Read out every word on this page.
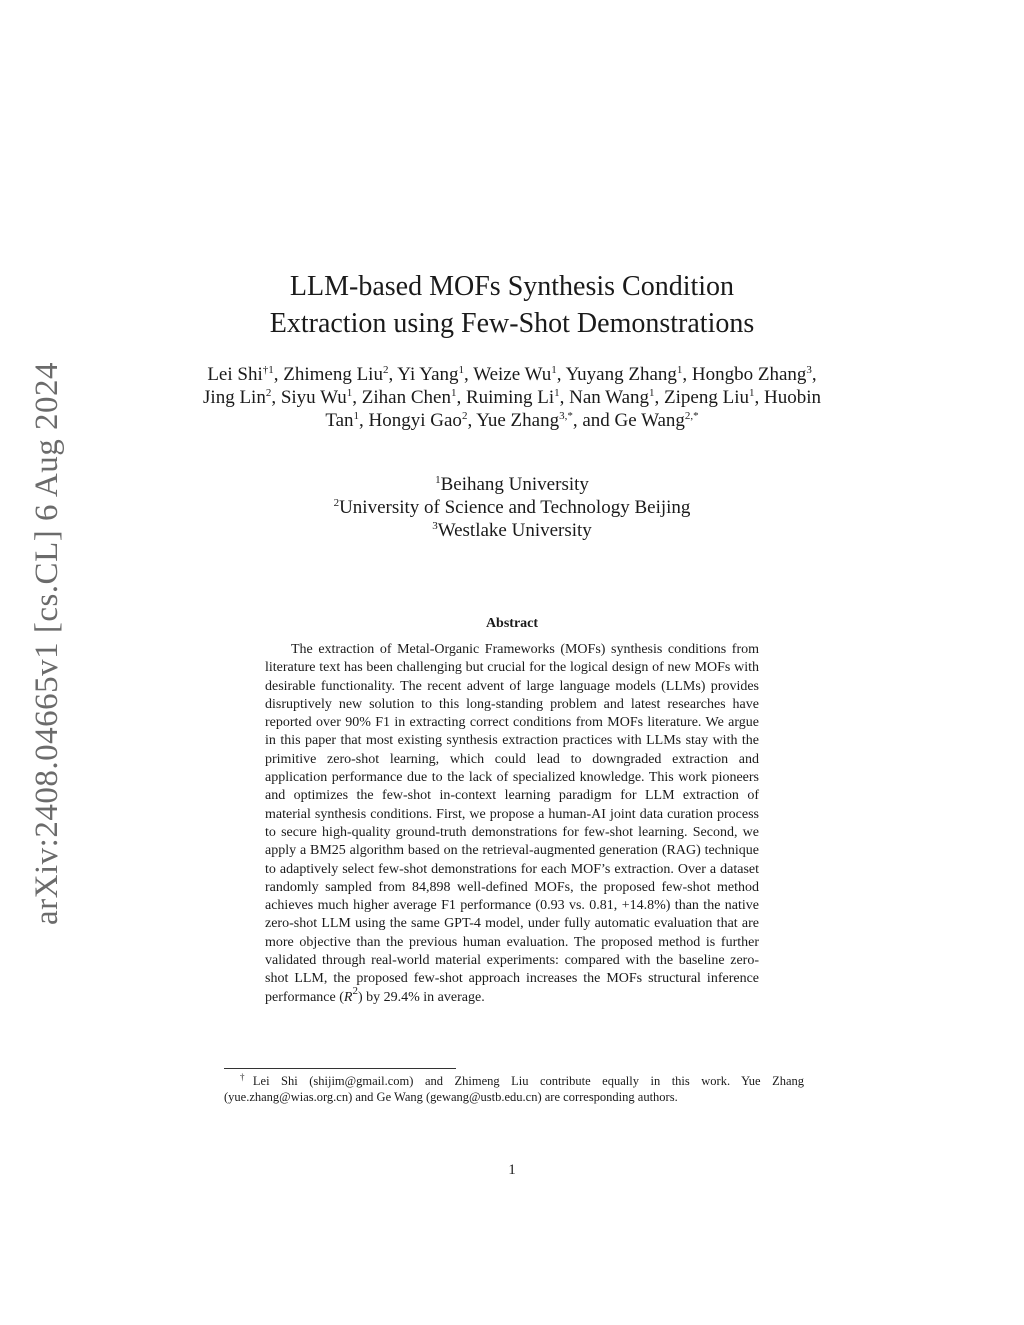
arXiv:2408.04665v1 [cs.CL] 6 Aug 2024
LLM-based MOFs Synthesis Condition
Extraction using Few-Shot Demonstrations
Lei Shi$^{\dagger 1}$, Zhimeng Liu$^2$, Yi Yang$^1$, Weize Wu$^1$, Yuyang Zhang$^1$, Hongbo Zhang$^3$, Jing Lin$^2$, Siyu Wu$^1$, Zihan Chen$^1$, Ruiming Li$^1$, Nan Wang$^1$, Zipeng Liu$^1$, Huobin Tan$^1$, Hongyi Gao$^2$, Yue Zhang$^{3,*}$, and Ge Wang$^{2,*}$
$^1$Beihang University
$^2$University of Science and Technology Beijing
$^3$Westlake University
Abstract

The extraction of Metal-Organic Frameworks (MOFs) synthesis conditions from literature text has been challenging but crucial for the logical design of new MOFs with desirable functionality. The recent advent of large language models (LLMs) provides disruptively new solution to this long-standing problem and latest researches have reported over 90% F1 in extracting correct conditions from MOFs literature. We argue in this paper that most existing synthesis extraction practices with LLMs stay with the primitive zero-shot learning, which could lead to downgraded extraction and application performance due to the lack of specialized knowledge. This work pioneers and optimizes the few-shot in-context learning paradigm for LLM extraction of material synthesis conditions. First, we propose a human-AI joint data curation process to secure high-quality ground-truth demonstrations for few-shot learning. Second, we apply a BM25 algorithm based on the retrieval-augmented generation (RAG) technique to adaptively select few-shot demonstrations for each MOF’s extraction. Over a dataset randomly sampled from 84,898 well-defined MOFs, the proposed few-shot method achieves much higher average F1 performance (0.93 vs. 0.81, +14.8%) than the native zero-shot LLM using the same GPT-4 model, under fully automatic evaluation that are more objective than the previous human evaluation. The proposed method is further validated through real-world material experiments: compared with the baseline zero-shot LLM, the proposed few-shot approach increases the MOFs structural inference performance $(R^2)$ by 29.4% in average.

†Lei Shi (shijim@gmail.com) and Zhimeng Liu contribute equally in this work. Yue Zhang (yue.zhang@wias.org.cn) and Ge Wang (gewang@ustb.edu.cn) are corresponding authors.
1
